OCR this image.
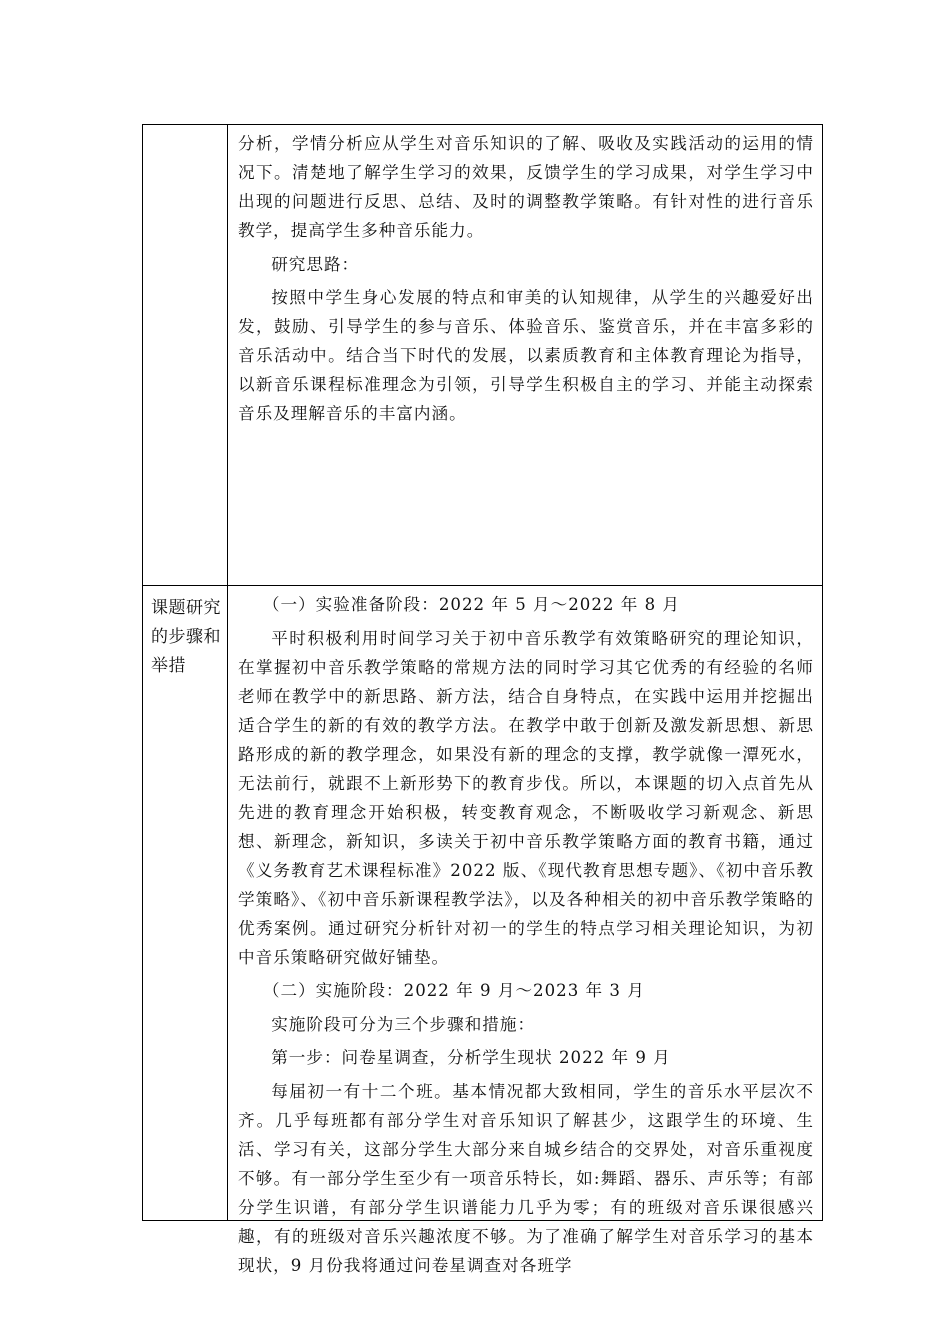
分析，学情分析应从学生对音乐知识的了解、吸收及实践活动的运用的情况下。清楚地了解学生学习的效果，反馈学生的学习成果，对学生学习中出现的问题进行反思、总结、及时的调整教学策略。有针对性的进行音乐教学，提高学生多种音乐能力。

研究思路：

按照中学生身心发展的特点和审美的认知规律，从学生的兴趣爱好出发，鼓励、引导学生的参与音乐、体验音乐、鉴赏音乐，并在丰富多彩的音乐活动中。结合当下时代的发展，以素质教育和主体教育理论为指导，以新音乐课程标准理念为引领，引导学生积极自主的学习、并能主动探索音乐及理解音乐的丰富内涵。

课题研究的步骤和举措

（一）实验准备阶段：2022 年 5 月～2022 年 8 月

平时积极利用时间学习关于初中音乐教学有效策略研究的理论知识，在掌握初中音乐教学策略的常规方法的同时学习其它优秀的有经验的名师老师在教学中的新思路、新方法，结合自身特点，在实践中运用并挖掘出适合学生的新的有效的教学方法。在教学中敢于创新及激发新思想、新思路形成的新的教学理念，如果没有新的理念的支撑，教学就像一潭死水，无法前行，就跟不上新形势下的教育步伐。所以，本课题的切入点首先从先进的教育理念开始积极，转变教育观念，不断吸收学习新观念、新思想、新理念，新知识，多读关于初中音乐教学策略方面的教育书籍，通过《义务教育艺术课程标准》2022 版、《现代教育思想专题》、《初中音乐教学策略》、《初中音乐新课程教学法》，以及各种相关的初中音乐教学策略的优秀案例。通过研究分析针对初一的学生的特点学习相关理论知识，为初中音乐策略研究做好铺垫。

（二）实施阶段：2022 年 9 月～2023 年 3 月

实施阶段可分为三个步骤和措施：

第一步：问卷星调查，分析学生现状 2022 年 9 月

每届初一有十二个班。基本情况都大致相同，学生的音乐水平层次不齐。几乎每班都有部分学生对音乐知识了解甚少，这跟学生的环境、生活、学习有关，这部分学生大部分来自城乡结合的交界处，对音乐重视度不够。有一部分学生至少有一项音乐特长，如:舞蹈、器乐、声乐等；有部分学生识谱，有部分学生识谱能力几乎为零；有的班级对音乐课很感兴趣，有的班级对音乐兴趣浓度不够。为了准确了解学生对音乐学习的基本现状，9 月份我将通过问卷星调查对各班学
